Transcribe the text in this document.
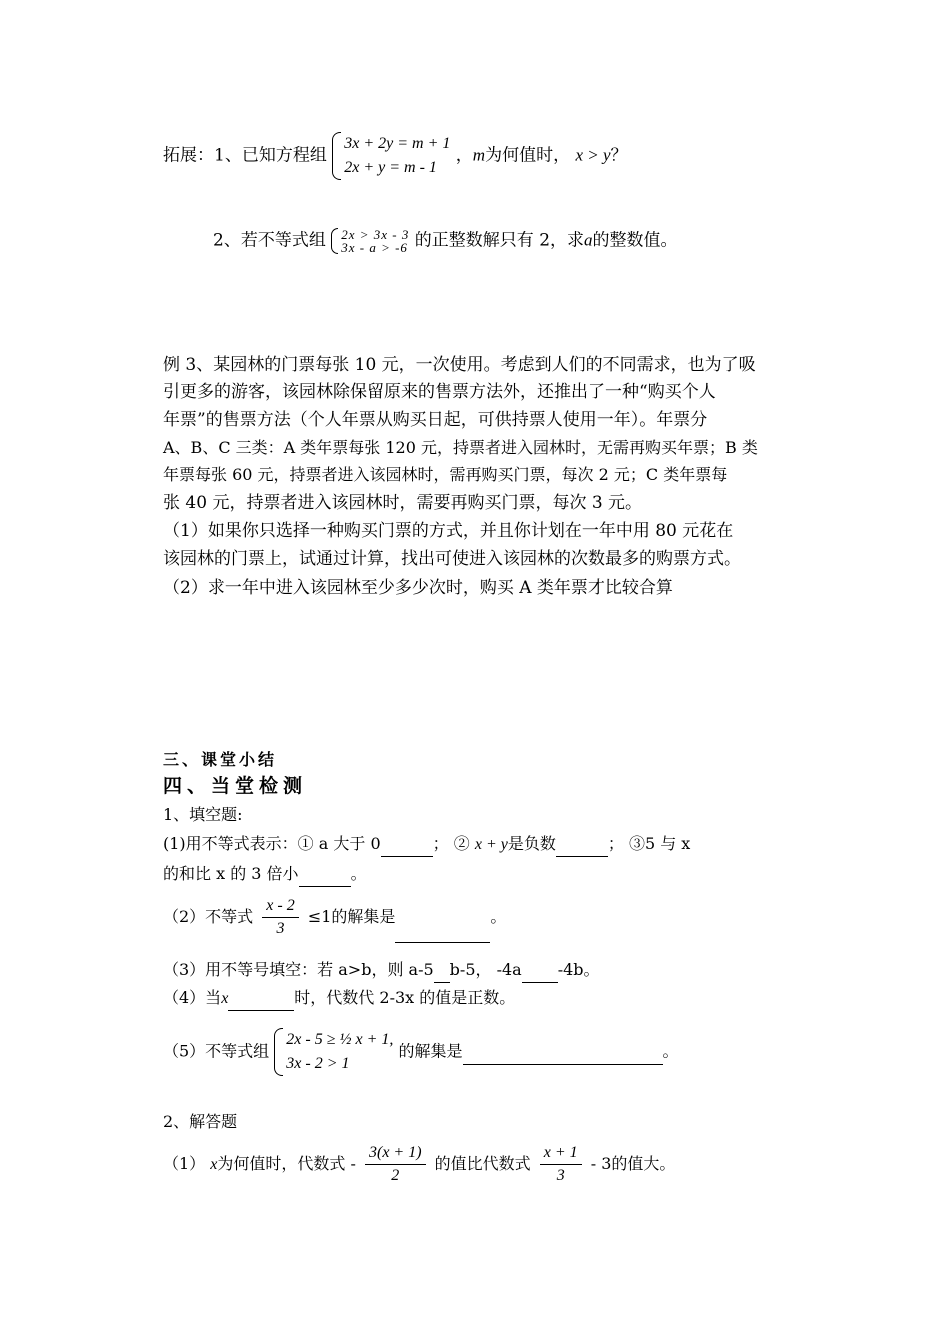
拓展：1、已知方程组
3x + 2y = m + 1
2x + y = m - 1
，m为何值时， x > y？
2、若不等式组 2x > 3x - 3
3x - a > -6 的正整数解只有 2，求a的整数值。
例 3、某园林的门票每张 10 元，一次使用。考虑到人们的不同需求，也为了吸
引更多的游客，该园林除保留原来的售票方法外，还推出了一种“购买个人
年票”的售票方法（个人年票从购买日起，可供持票人使用一年）。年票分
A、B、C 三类：A 类年票每张 120 元，持票者进入园林时，无需再购买年票；B 类
年票每张 60 元，持票者进入该园林时，需再购买门票，每次 2 元；C 类年票每
张 40 元，持票者进入该园林时，需要再购买门票，每次 3 元。
（1）如果你只选择一种购买门票的方式，并且你计划在一年中用 80 元花在
该园林的门票上，试通过计算，找出可使进入该园林的次数最多的购票方式。
（2）求一年中进入该园林至少多少次时，购买 A 类年票才比较合算
三、课堂小结
四、当堂检测
1、填空题:
(1)用不等式表示：① a 大于 0	； ② x + y是负数	； ③5 与 x
的和比 x 的 3 倍小	。
（2）不等式 $\frac{x - 2}{3} \le 1$的解集是	。
（3）用不等号填空：若 a>b，则 a-5 b-5， -4a -4b。
（4）当x	时，代数代 2-3x 的值是正数。
（5）不等式组
2x - 5 ≥ ½ x + 1,
3x - 2 > 1
的解集是	。
2、解答题
（1） x为何值时，代数式 - $\frac{3(x + 1)}{2}$ 的值比代数式 $\frac{x + 1}{3} - 3$的值大。
